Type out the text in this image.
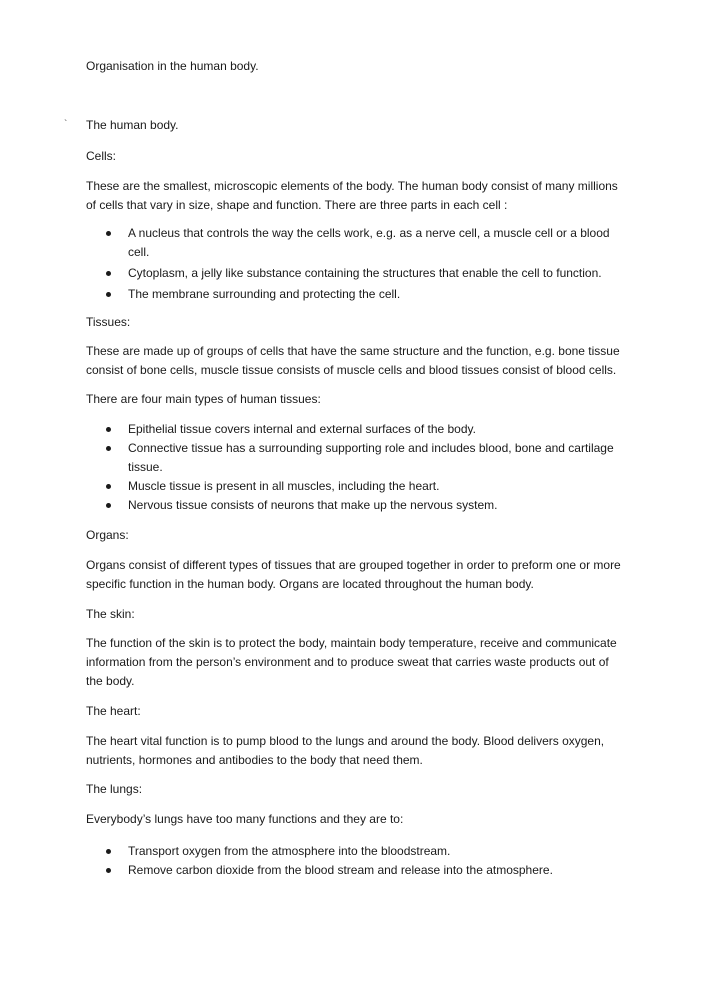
Organisation in the human body.

` The human body.

Cells:

These are the smallest, microscopic elements of the body. The human body consist of many millions of cells that vary in size, shape and function. There are three parts in each cell :

A nucleus that controls the way the cells work, e.g. as a nerve cell, a muscle cell or a blood cell.
Cytoplasm, a jelly like substance containing the structures that enable the cell to function.
The membrane surrounding and protecting the cell.

Tissues:

These are made up of groups of cells that have the same structure and the function, e.g. bone tissue consist of bone cells, muscle tissue consists of muscle cells and blood tissues consist of blood cells.

There are four main types of human tissues:

Epithelial tissue covers internal and external surfaces of the body.
Connective tissue has a surrounding supporting role and includes blood, bone and cartilage tissue.
Muscle tissue is present in all muscles, including the heart.
Nervous tissue consists of neurons that make up the nervous system.

Organs:

Organs consist of different types of tissues that are grouped together in order to preform one or more specific function in the human body. Organs are located throughout the human body.

The skin:

The function of the skin is to protect the body, maintain body temperature, receive and communicate information from the person’s environment and to produce sweat that carries waste products out of the body.

The heart:

The heart vital function is to pump blood to the lungs and around the body. Blood delivers oxygen, nutrients, hormones and antibodies to the body that need them.

The lungs:

Everybody’s lungs have too many functions and they are to:

Transport oxygen from the atmosphere into the bloodstream.
Remove carbon dioxide from the blood stream and release into the atmosphere.
